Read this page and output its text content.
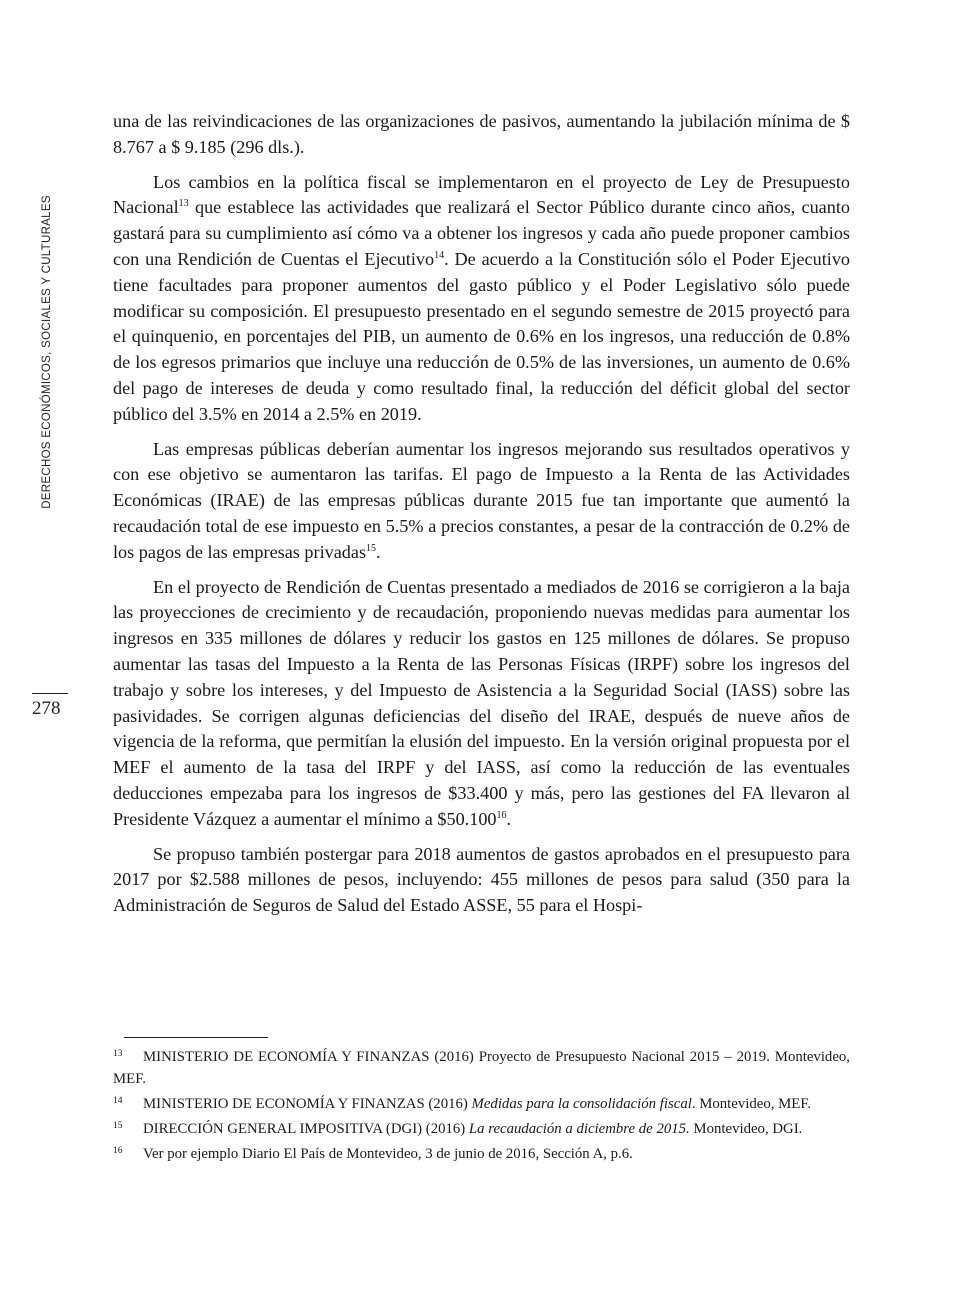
DERECHOS ECONÓMICOS, SOCIALES Y CULTURALES
278

una de las reivindicaciones de las organizaciones de pasivos, aumentando la jubilación mínima de $ 8.767 a $ 9.185 (296 dls.).

Los cambios en la política fiscal se implementaron en el proyecto de Ley de Presupuesto Nacional$^{13}$ que establece las actividades que realizará el Sector Público durante cinco años, cuanto gastará para su cumplimiento así cómo va a obtener los ingresos y cada año puede proponer cambios con una Rendición de Cuentas el Ejecutivo$^{14}$. De acuerdo a la Constitución sólo el Poder Ejecutivo tiene facultades para proponer aumentos del gasto público y el Poder Legislativo sólo puede modificar su composición. El presupuesto presentado en el segundo semestre de 2015 proyectó para el quinquenio, en porcentajes del PIB, un aumento de 0.6% en los ingresos, una reducción de 0.8% de los egresos primarios que incluye una reducción de 0.5% de las inversiones, un aumento de 0.6% del pago de intereses de deuda y como resultado final, la reducción del déficit global del sector público del 3.5% en 2014 a 2.5% en 2019.

Las empresas públicas deberían aumentar los ingresos mejorando sus resultados operativos y con ese objetivo se aumentaron las tarifas. El pago de Impuesto a la Renta de las Actividades Económicas (IRAE) de las empresas públicas durante 2015 fue tan importante que aumentó la recaudación total de ese impuesto en 5.5% a precios constantes, a pesar de la contracción de 0.2% de los pagos de las empresas privadas$^{15}$.

En el proyecto de Rendición de Cuentas presentado a mediados de 2016 se corrigieron a la baja las proyecciones de crecimiento y de recaudación, proponiendo nuevas medidas para aumentar los ingresos en 335 millones de dólares y reducir los gastos en 125 millones de dólares. Se propuso aumentar las tasas del Impuesto a la Renta de las Personas Físicas (IRPF) sobre los ingresos del trabajo y sobre los intereses, y del Impuesto de Asistencia a la Seguridad Social (IASS) sobre las pasividades. Se corrigen algunas deficiencias del diseño del IRAE, después de nueve años de vigencia de la reforma, que permitían la elusión del impuesto. En la versión original propuesta por el MEF el aumento de la tasa del IRPF y del IASS, así como la reducción de las eventuales deducciones empezaba para los ingresos de $33.400 y más, pero las gestiones del FA llevaron al Presidente Vázquez a aumentar el mínimo a $50.100$^{16}$.

Se propuso también postergar para 2018 aumentos de gastos aprobados en el presupuesto para 2017 por $2.588 millones de pesos, incluyendo: 455 millones de pesos para salud (350 para la Administración de Seguros de Salud del Estado ASSE, 55 para el Hospi-

13 MINISTERIO DE ECONOMÍA Y FINANZAS (2016) Proyecto de Presupuesto Nacional 2015 – 2019. Montevideo, MEF.

14 MINISTERIO DE ECONOMÍA Y FINANZAS (2016) Medidas para la consolidación fiscal. Montevideo, MEF.

15 DIRECCIÓN GENERAL IMPOSITIVA (DGI) (2016) La recaudación a diciembre de 2015. Montevideo, DGI.

16 Ver por ejemplo Diario El País de Montevideo, 3 de junio de 2016, Sección A, p.6.
